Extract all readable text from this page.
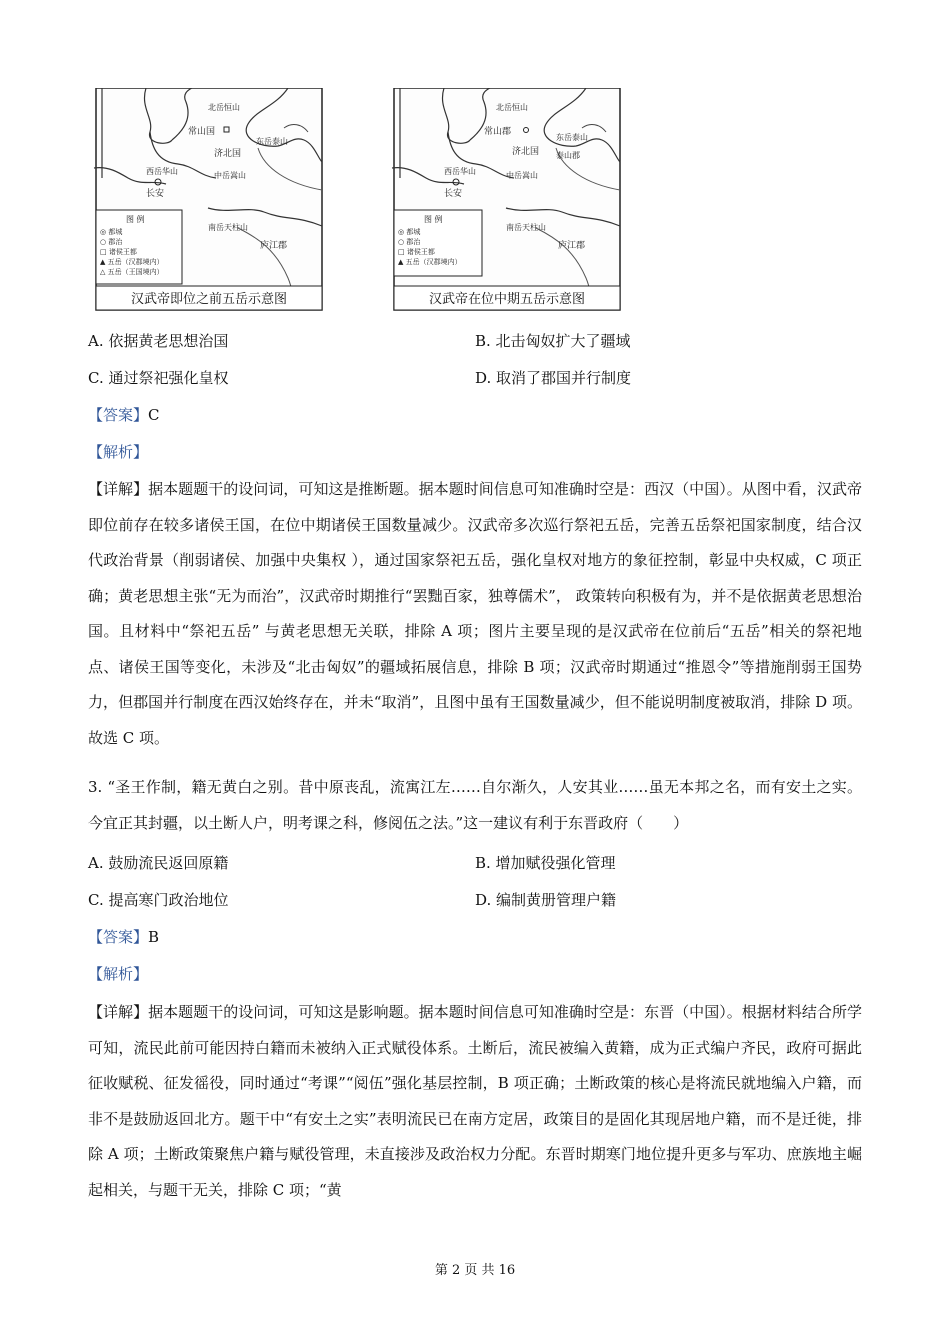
北岳恒山
常山国
济北国
东岳泰山
西岳华山	中岳嵩山
长安
南岳天柱山
庐江郡
图 例
◎ 都城
○ 郡治
□ 诸侯王都
▲ 五岳（汉郡境内）
△ 五岳（王国境内）
汉武帝即位之前五岳示意图
北岳恒山
常山郡
济北国
东岳泰山
泰山郡
西岳华山	中岳嵩山
长安
南岳天柱山
庐江郡
图 例
◎ 都城
○ 郡治
□ 诸侯王都
▲ 五岳（汉郡境内）
汉武帝在位中期五岳示意图
A. 依据黄老思想治国	B. 北击匈奴扩大了疆域
C. 通过祭祀强化皇权	D. 取消了郡国并行制度
【答案】C
【解析】

【详解】据本题题干的设问词，可知这是推断题。据本题时间信息可知准确时空是：西汉（中国）。从图中看，汉武帝即位前存在较多诸侯王国，在位中期诸侯王国数量减少。汉武帝多次巡行祭祀五岳，完善五岳祭祀国家制度，结合汉代政治背景（削弱诸侯、加强中央集权 ），通过国家祭祀五岳，强化皇权对地方的象征控制，彰显中央权威，C 项正确；黄老思想主张“无为而治”，汉武帝时期推行“罢黜百家，独尊儒术”， 政策转向积极有为，并不是依据黄老思想治国。且材料中“祭祀五岳” 与黄老思想无关联，排除 A 项；图片主要呈现的是汉武帝在位前后“五岳”相关的祭祀地点、诸侯王国等变化，未涉及“北击匈奴”的疆域拓展信息，排除 B 项；汉武帝时期通过“推恩令”等措施削弱王国势力，但郡国并行制度在西汉始终存在，并未“取消”，且图中虽有王国数量减少，但不能说明制度被取消，排除 D 项。故选 C 项。

3. “圣王作制，籍无黄白之别。昔中原丧乱，流寓江左……自尔渐久，人安其业……虽无本邦之名，而有安土之实。今宜正其封疆，以土断人户，明考课之科，修阅伍之法。”这一建议有利于东晋政府（　　）

A. 鼓励流民返回原籍	B. 增加赋役强化管理
C. 提高寒门政治地位	D. 编制黄册管理户籍
【答案】B
【解析】

【详解】据本题题干的设问词，可知这是影响题。据本题时间信息可知准确时空是：东晋（中国）。根据材料结合所学可知，流民此前可能因持白籍而未被纳入正式赋役体系。土断后，流民被编入黄籍，成为正式编户齐民，政府可据此征收赋税、征发徭役，同时通过“考课”“阅伍”强化基层控制，B 项正确；土断政策的核心是将流民就地编入户籍，而非不是鼓励返回北方。题干中“有安土之实”表明流民已在南方定居，政策目的是固化其现居地户籍，而不是迁徙，排除 A 项；土断政策聚焦户籍与赋役管理，未直接涉及政治权力分配。东晋时期寒门地位提升更多与军功、庶族地主崛起相关，与题干无关，排除 C 项；“黄

第 2 页 共 16
